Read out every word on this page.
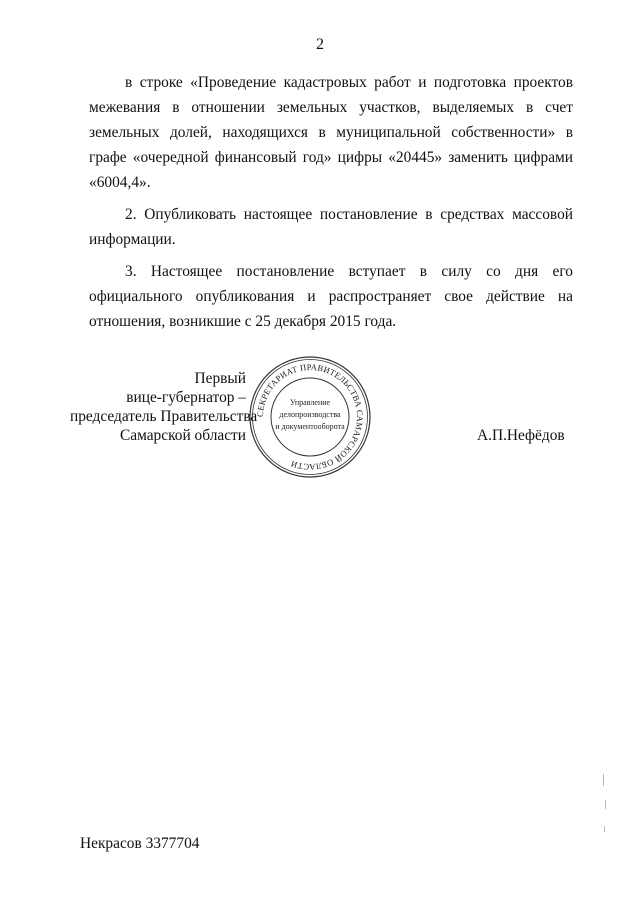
2

в строке «Проведение кадастровых работ и подготовка проектов межевания в отношении земельных участков, выделяемых в счет земельных долей, находящихся в муниципальной собственности» в графе «очередной финансовый год» цифры «20445» заменить цифрами «6004,4».

2. Опубликовать настоящее постановление в средствах массовой информации.

3. Настоящее постановление вступает в силу со дня его официального опубликования и распространяет свое действие на отношения, возникшие с 25 декабря 2015 года.

Первый
вице-губернатор –
председатель Правительства
Самарской области	А.П.Нефёдов
СЕКРЕТАРИАТ ПРАВИТЕЛЬСТВА САМАРСКОЙ ОБЛАСТИ
Управление
делопроизводства
и документооборота
Некрасов 3377704
